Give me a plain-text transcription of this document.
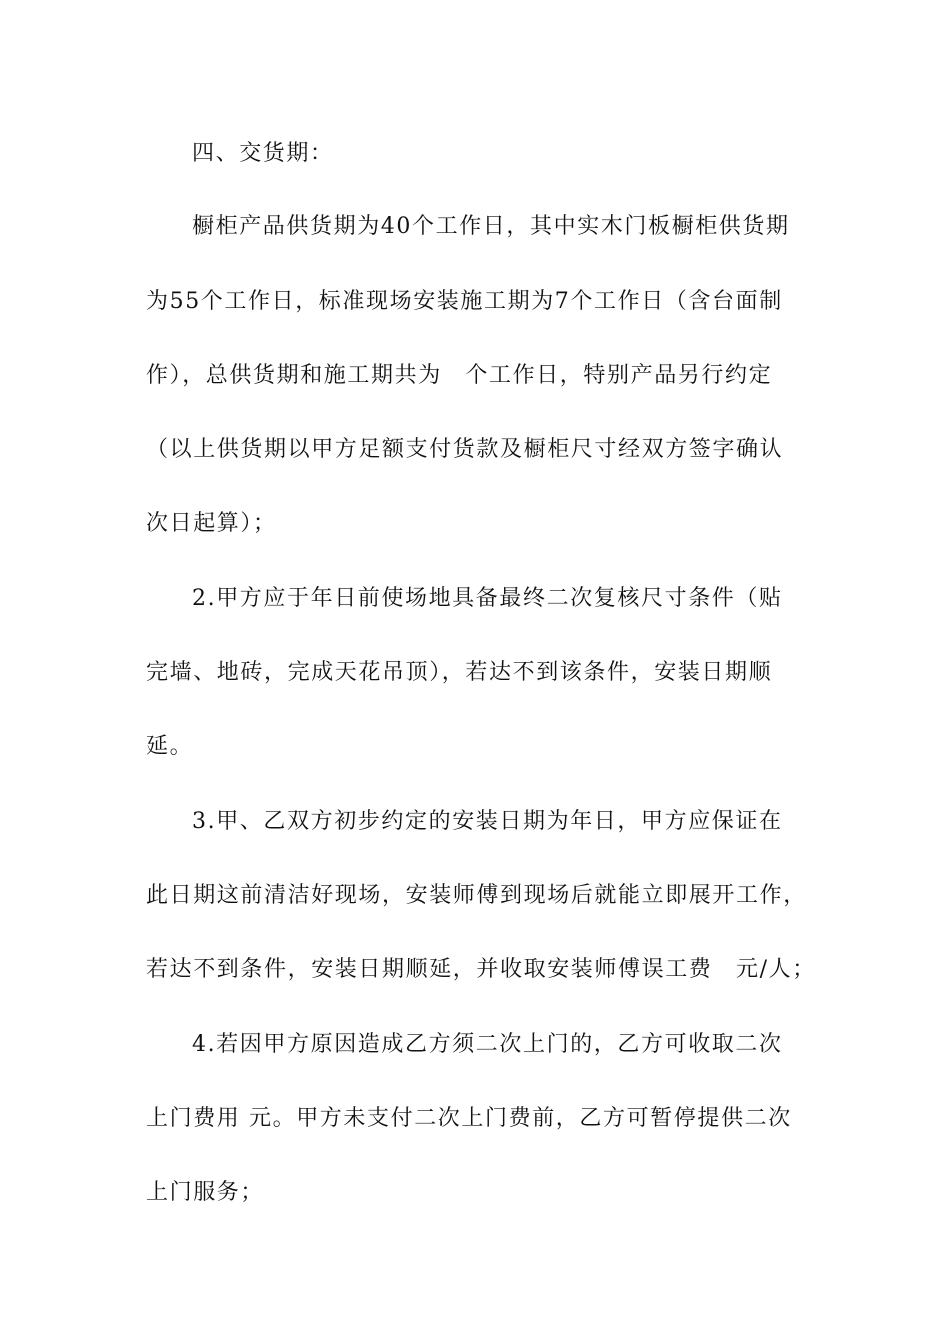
四、交货期：
橱柜产品供货期为40个工作日，其中实木门板橱柜供货期
为55个工作日，标准现场安装施工期为7个工作日（含台面制
作），总供货期和施工期共为　个工作日，特别产品另行约定
（以上供货期以甲方足额支付货款及橱柜尺寸经双方签字确认
次日起算）；
2.甲方应于年日前使场地具备最终二次复核尺寸条件（贴
完墙、地砖，完成天花吊顶），若达不到该条件，安装日期顺
延。
3.甲、乙双方初步约定的安装日期为年日，甲方应保证在
此日期这前清洁好现场，安装师傅到现场后就能立即展开工作，
若达不到条件，安装日期顺延，并收取安装师傅误工费　元/人；
4.若因甲方原因造成乙方须二次上门的，乙方可收取二次
上门费用 元。甲方未支付二次上门费前，乙方可暂停提供二次
上门服务；
